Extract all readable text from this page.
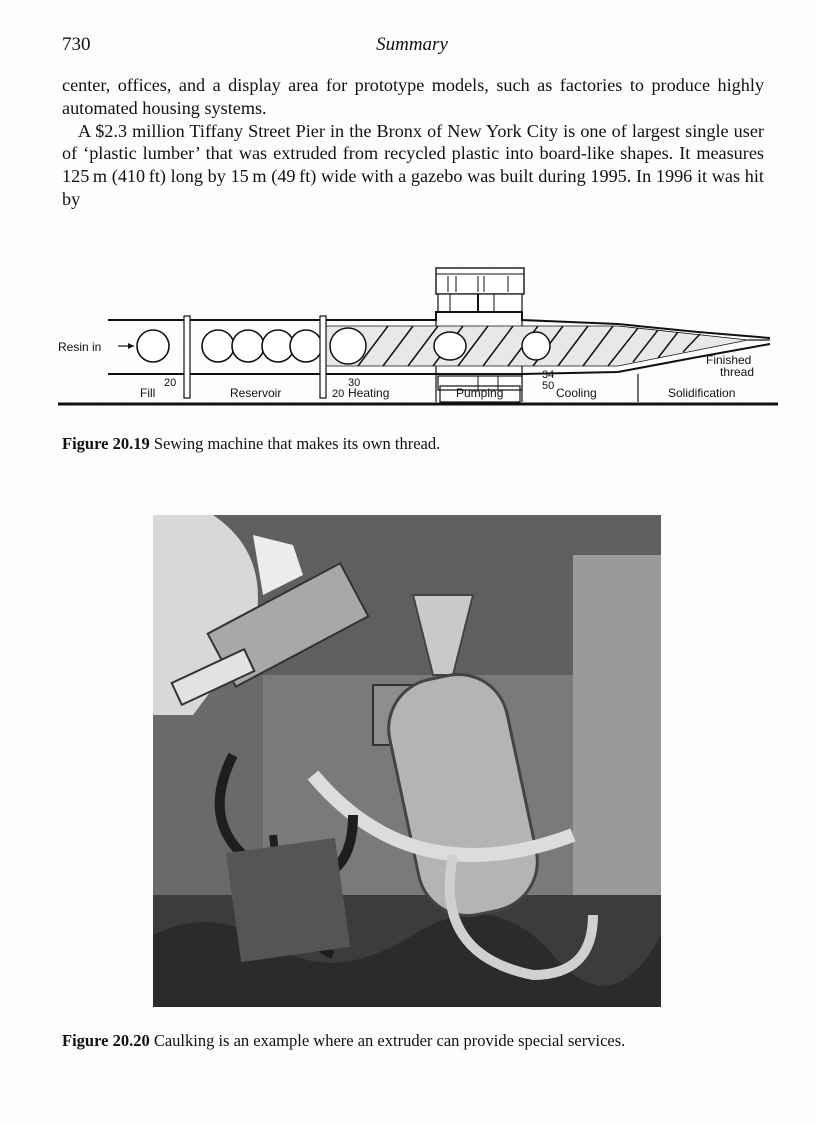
730	Summary

center, offices, and a display area for prototype models, such as factories to produce highly automated housing systems.

A $2.3 million Tiffany Street Pier in the Bronx of New York City is one of largest single user of ‘plastic lumber’ that was extruded from recycled plastic into board-like shapes. It measures 125 m (410 ft) long by 15 m (49 ft) wide with a gazebo was built during 1995. In 1996 it was hit by

Resin in
Finished
thread
20
20
30
34
50
Fill	Reservoir	Heating	Pumping	Cooling	Solidification
Figure 20.19 Sewing machine that makes its own thread.
Figure 20.20 Caulking is an example where an extruder can provide special services.
